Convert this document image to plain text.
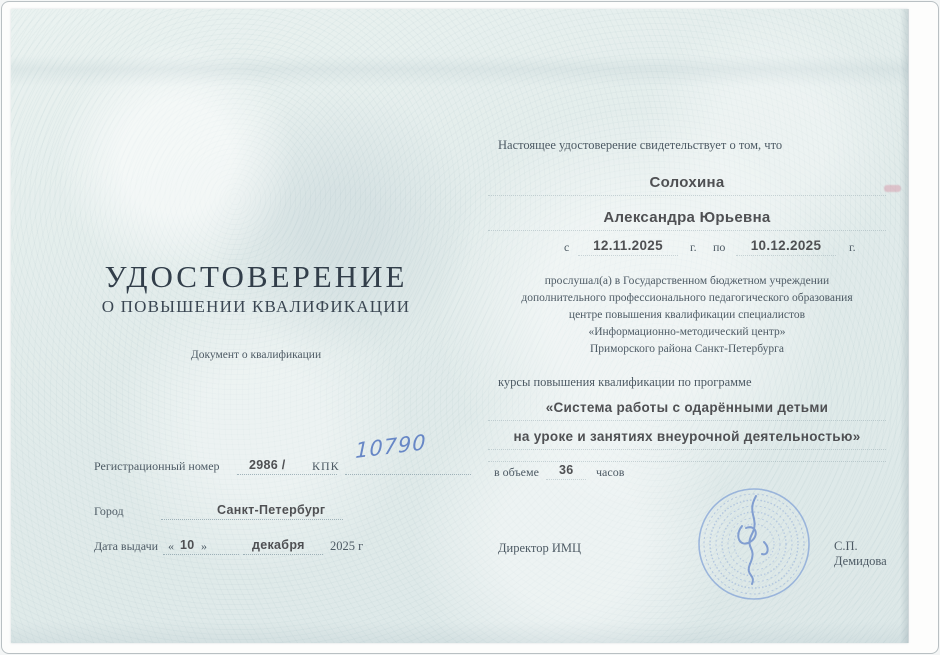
УДОСТОВЕРЕНИЕ
О ПОВЫШЕНИИ КВАЛИФИКАЦИИ
Документ о квалификации
Регистрационный номер 2986 / КПК
10790
Город	Санкт-Петербург
Дата выдачи « 10 »	декабря 2025 г
Настоящее удостоверение свидетельствует о том, что
Солохина
Александра Юрьевна
с	12.11.2025	г. по	10.12.2025	г.
прослушал(а) в Государственном бюджетном учреждении
дополнительного профессионального педагогического образования
центре повышения квалификации специалистов
«Информационно-методический центр»
Приморского района Санкт-Петербурга
курсы повышения квалификации по программе
«Система работы с одарёнными детьми
на уроке и занятиях внеурочной деятельностью»
в объеме 36 часов
Директор ИМЦ	С.П. Демидова
